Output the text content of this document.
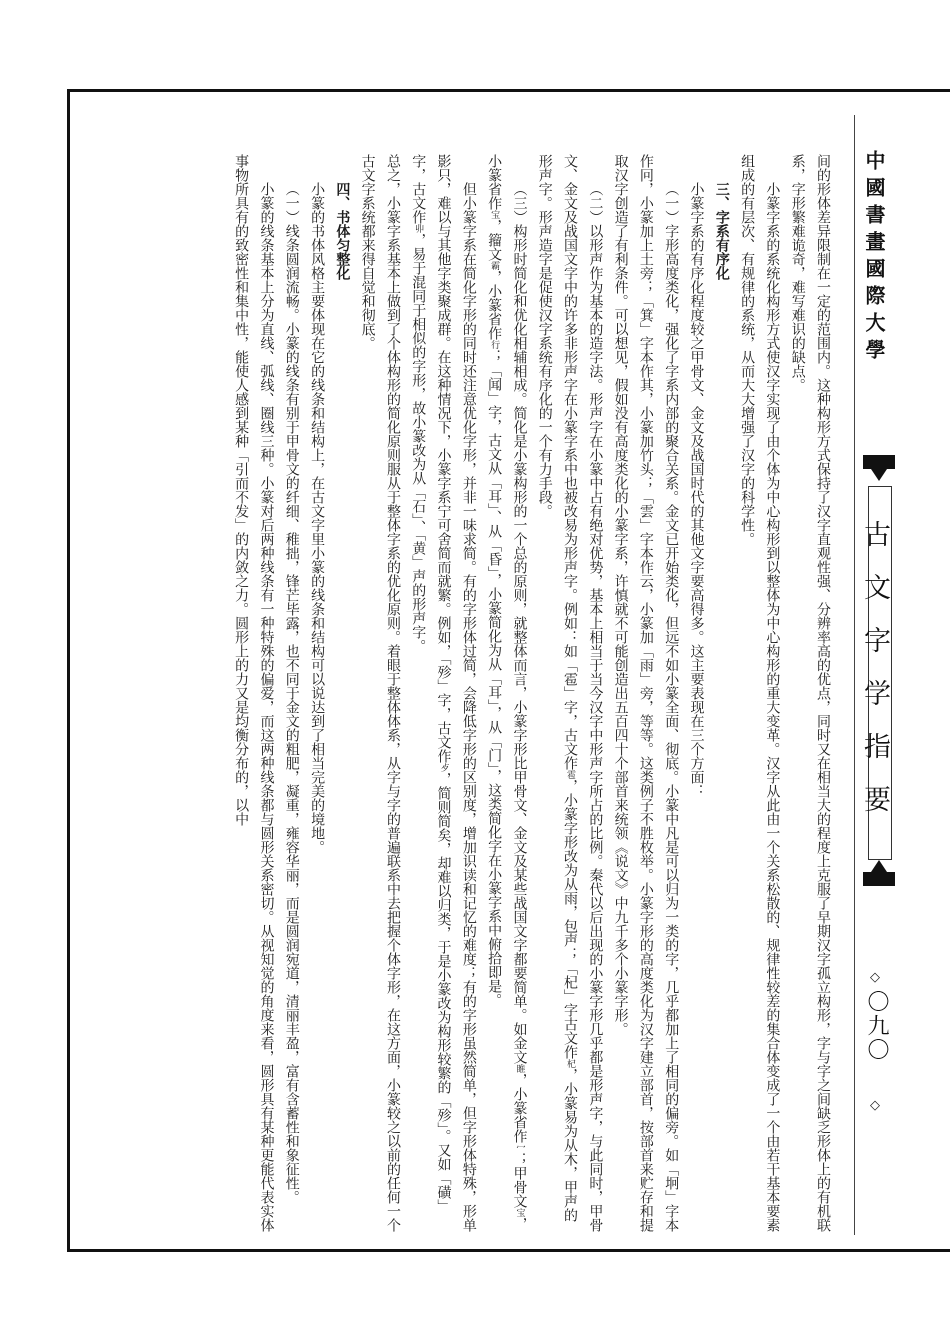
中國書畫國際大學
古文字学指要
◇
〇九〇
◇

间的形体差异限制在一定的范围内。这种构形方式保持了汉字直观性强、分辨率高的优点，同时又在相当大的程度上克服了早期汉字孤立构形，字与字之间缺乏形体上的有机联系，字形繁难诡奇，难写难识的缺点。

小篆字系的系统化构形方式使汉字实现了由个体为中心构形到以整体为中心构形的重大变革。汉字从此由一个关系松散的、规律性较差的集合体变成了一个由若干基本要素组成的有层次、有规律的系统，从而大大增强了汉字的科学性。

三、字系有序化

小篆字系的有序化程度较之甲骨文、金文及战国时代的其他文字要高得多。这主要表现在三个方面：

（一）字形高度类化，强化了字系内部的聚合关系。金文已开始类化，但远不如小篆全面、彻底。小篆中凡是可以归为一类的字，几乎都加上了相同的偏旁。如「坰」字本作冋，小篆加上土旁；「箕」字本作其，小篆加竹头；「雲」字本作云，小篆加「雨」旁，等等。这类例子不胜枚举。小篆字形的高度类化为汉字建立部首，按部首来贮存和提取汉字创造了有利条件。可以想见，假如没有高度类化的小篆字系，许慎就不可能创造出五百四十个部首来统领《说文》中九千多个小篆字形。

（二）以形声作为基本的造字法。形声字在小篆中占有绝对优势，基本上相当于当今汉字中形声字所占的比例。秦代以后出现的小篆字形几乎都是形声字，与此同时，甲骨文、金文及战国文字中的许多非形声字在小篆字系中也被改易为形声字。例如：如「雹」字，古文作雹，小篆字形改为从雨，包声；「杞」字古文作杞，小篆易为从木，甲声的形声字。形声造字是促使汉字系统有序化的一个有力手段。

（三）构形时简化和优化相辅相成。简化是小篆构形的一个总的原则，就整体而言，小篆字形比甲骨文、金文及某些战国文字都要简单。如金文睢，小篆省作冖；甲骨文宝，小篆省作宝，籀文霸，小篆省作行；「闻」字，古文从「耳」、从「昏」，小篆简化为从「耳」，从「门」，这类简化字在小篆字系中俯拾即是。

但小篆字系在简化字形的同时还注意优化字形，并非一味求简。有的字形体过简，会降低字形的区别度，增加识读和记忆的难度；有的字形虽然简单，但字形体特殊，形单影只，难以与其他字类聚成群。在这种情况下，小篆字系宁可舍简而就繁。例如，「殄」字，古文作歺，简则简矣，却难以归类，于是小篆改为构形较繁的「殄」。又如「磺」字，古文作丱，易于混同于相似的字形，故小篆改为从「石」、「黄」声的形声字。

总之，小篆字系基本上做到了个体构形的简化原则服从于整体字系的优化原则。着眼于整体体系，从字与字的普遍联系中去把握个体字形，在这方面，小篆较之以前的任何一个古文字系统都来得自觉和彻底。

四、书体匀整化

小篆的书体风格主要体现在它的线条和结构上，在古文字里小篆的线条和结构可以说达到了相当完美的境地。

（一）线条圆润流畅。小篆的线条有别于甲骨文的纤细、稚拙，锋芒毕露，也不同于金文的粗肥，凝重，雍容华丽，而是圆润宛道，清丽丰盈，富有含蓄性和象征性。

小篆的线条基本上分为直线、弧线、圈线三种。小篆对后两种线条有一种特殊的偏爱，而这两种线条都与圆形关系密切。从视知觉的角度来看，圆形具有某种更能代表实体事物所具有的致密性和集中性，能使人感到某种「引而不发」的内敛之力。圆形上的力又是均衡分布的，以中
